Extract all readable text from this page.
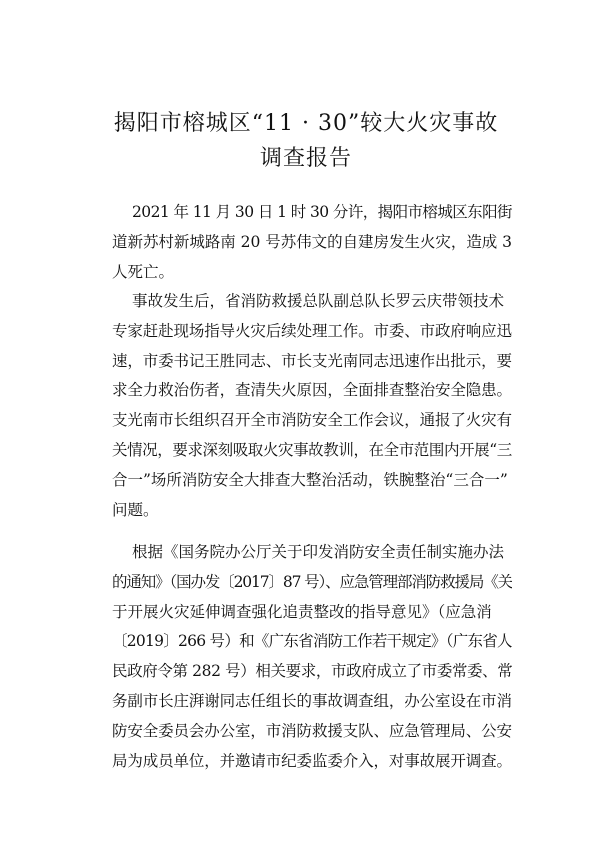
揭阳市榕城区“11 · 30”较大火灾事故
调查报告
2021 年 11 月 30 日 1 时 30 分许，揭阳市榕城区东阳街
道新苏村新城路南 20 号苏伟文的自建房发生火灾，造成 3
人死亡。
事故发生后，省消防救援总队副总队长罗云庆带领技术
专家赶赴现场指导火灾后续处理工作。市委、市政府响应迅
速，市委书记王胜同志、市长支光南同志迅速作出批示，要
求全力救治伤者，查清失火原因，全面排查整治安全隐患。
支光南市长组织召开全市消防安全工作会议，通报了火灾有
关情况，要求深刻吸取火灾事故教训，在全市范围内开展“三
合一”场所消防安全大排查大整治活动，铁腕整治“三合一”
问题。
根据《国务院办公厅关于印发消防安全责任制实施办法
的通知》（国办发〔2017〕87 号）、应急管理部消防救援局《关
于开展火灾延伸调查强化追责整改的指导意见》（应急消
〔2019〕266 号）和《广东省消防工作若干规定》（广东省人
民政府令第 282 号）相关要求，市政府成立了市委常委、常
务副市长庄湃谢同志任组长的事故调查组，办公室设在市消
防安全委员会办公室，市消防救援支队、应急管理局、公安
局为成员单位，并邀请市纪委监委介入，对事故展开调查。
